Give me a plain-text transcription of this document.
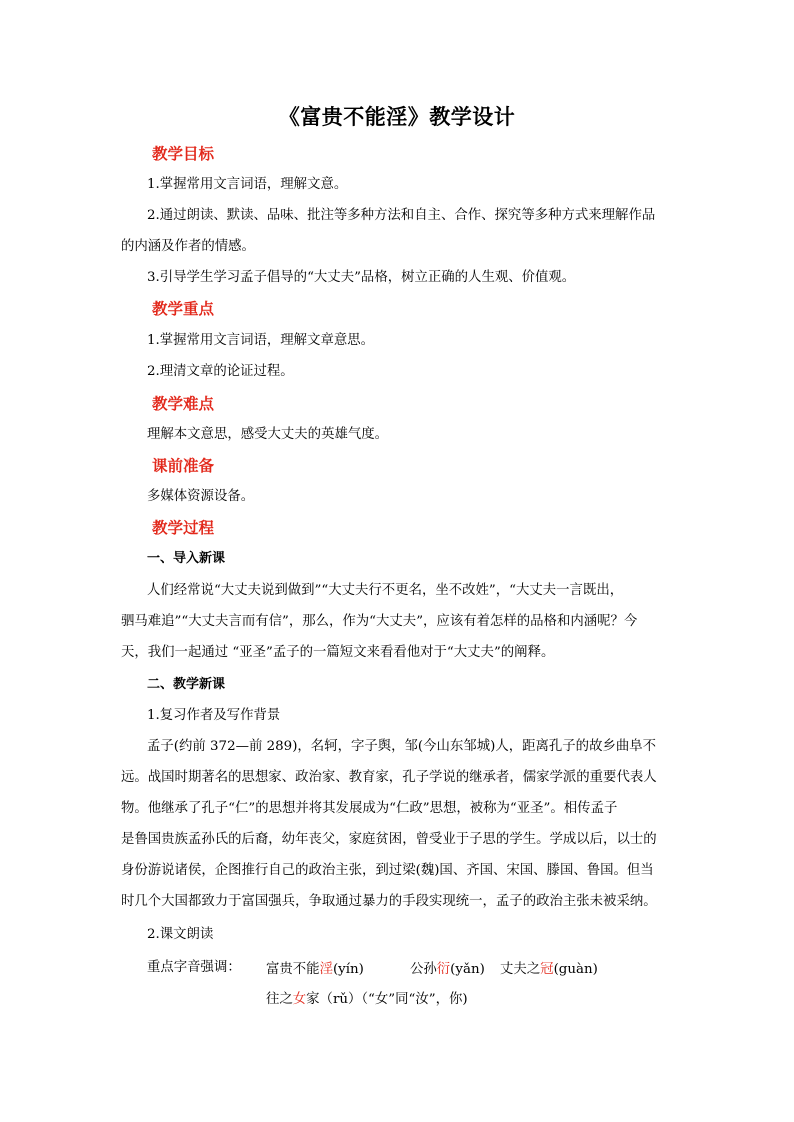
《富贵不能淫》教学设计
教学目标
1.掌握常用文言词语，理解文意。
2.通过朗读、默读、品味、批注等多种方法和自主、合作、探究等多种方式来理解作品
的内涵及作者的情感。
3.引导学生学习孟子倡导的“大丈夫”品格，树立正确的人生观、价值观。
教学重点
1.掌握常用文言词语，理解文章意思。
2.理清文章的论证过程。
教学难点
理解本文意思，感受大丈夫的英雄气度。
课前准备
多媒体资源设备。
教学过程
一、导入新课
人们经常说“大丈夫说到做到”“大丈夫行不更名，坐不改姓”，“大丈夫一言既出，
驷马难追”“大丈夫言而有信”，那么，作为“大丈夫”，应该有着怎样的品格和内涵呢？今
天，我们一起通过 “亚圣”孟子的一篇短文来看看他对于“大丈夫”的阐释。
二、教学新课
1.复习作者及写作背景
孟子(约前 372—前 289)，名轲，字子舆，邹(今山东邹城)人，距离孔子的故乡曲阜不
远。战国时期著名的思想家、政治家、教育家，孔子学说的继承者，儒家学派的重要代表人
物。他继承了孔子“仁”的思想并将其发展成为“仁政”思想，被称为“亚圣”。相传孟子
是鲁国贵族孟孙氏的后裔，幼年丧父，家庭贫困，曾受业于子思的学生。学成以后，以士的
身份游说诸侯，企图推行自己的政治主张，到过梁(魏)国、齐国、宋国、滕国、鲁国。但当
时几个大国都致力于富国强兵，争取通过暴力的手段实现统一，孟子的政治主张未被采纳。
2.课文朗读
重点字音强调： 富贵不能淫(yín)	公孙衍(yǎn) 丈夫之冠(guàn)
往之女家（rǔ）（“女”同“汝”，你)
